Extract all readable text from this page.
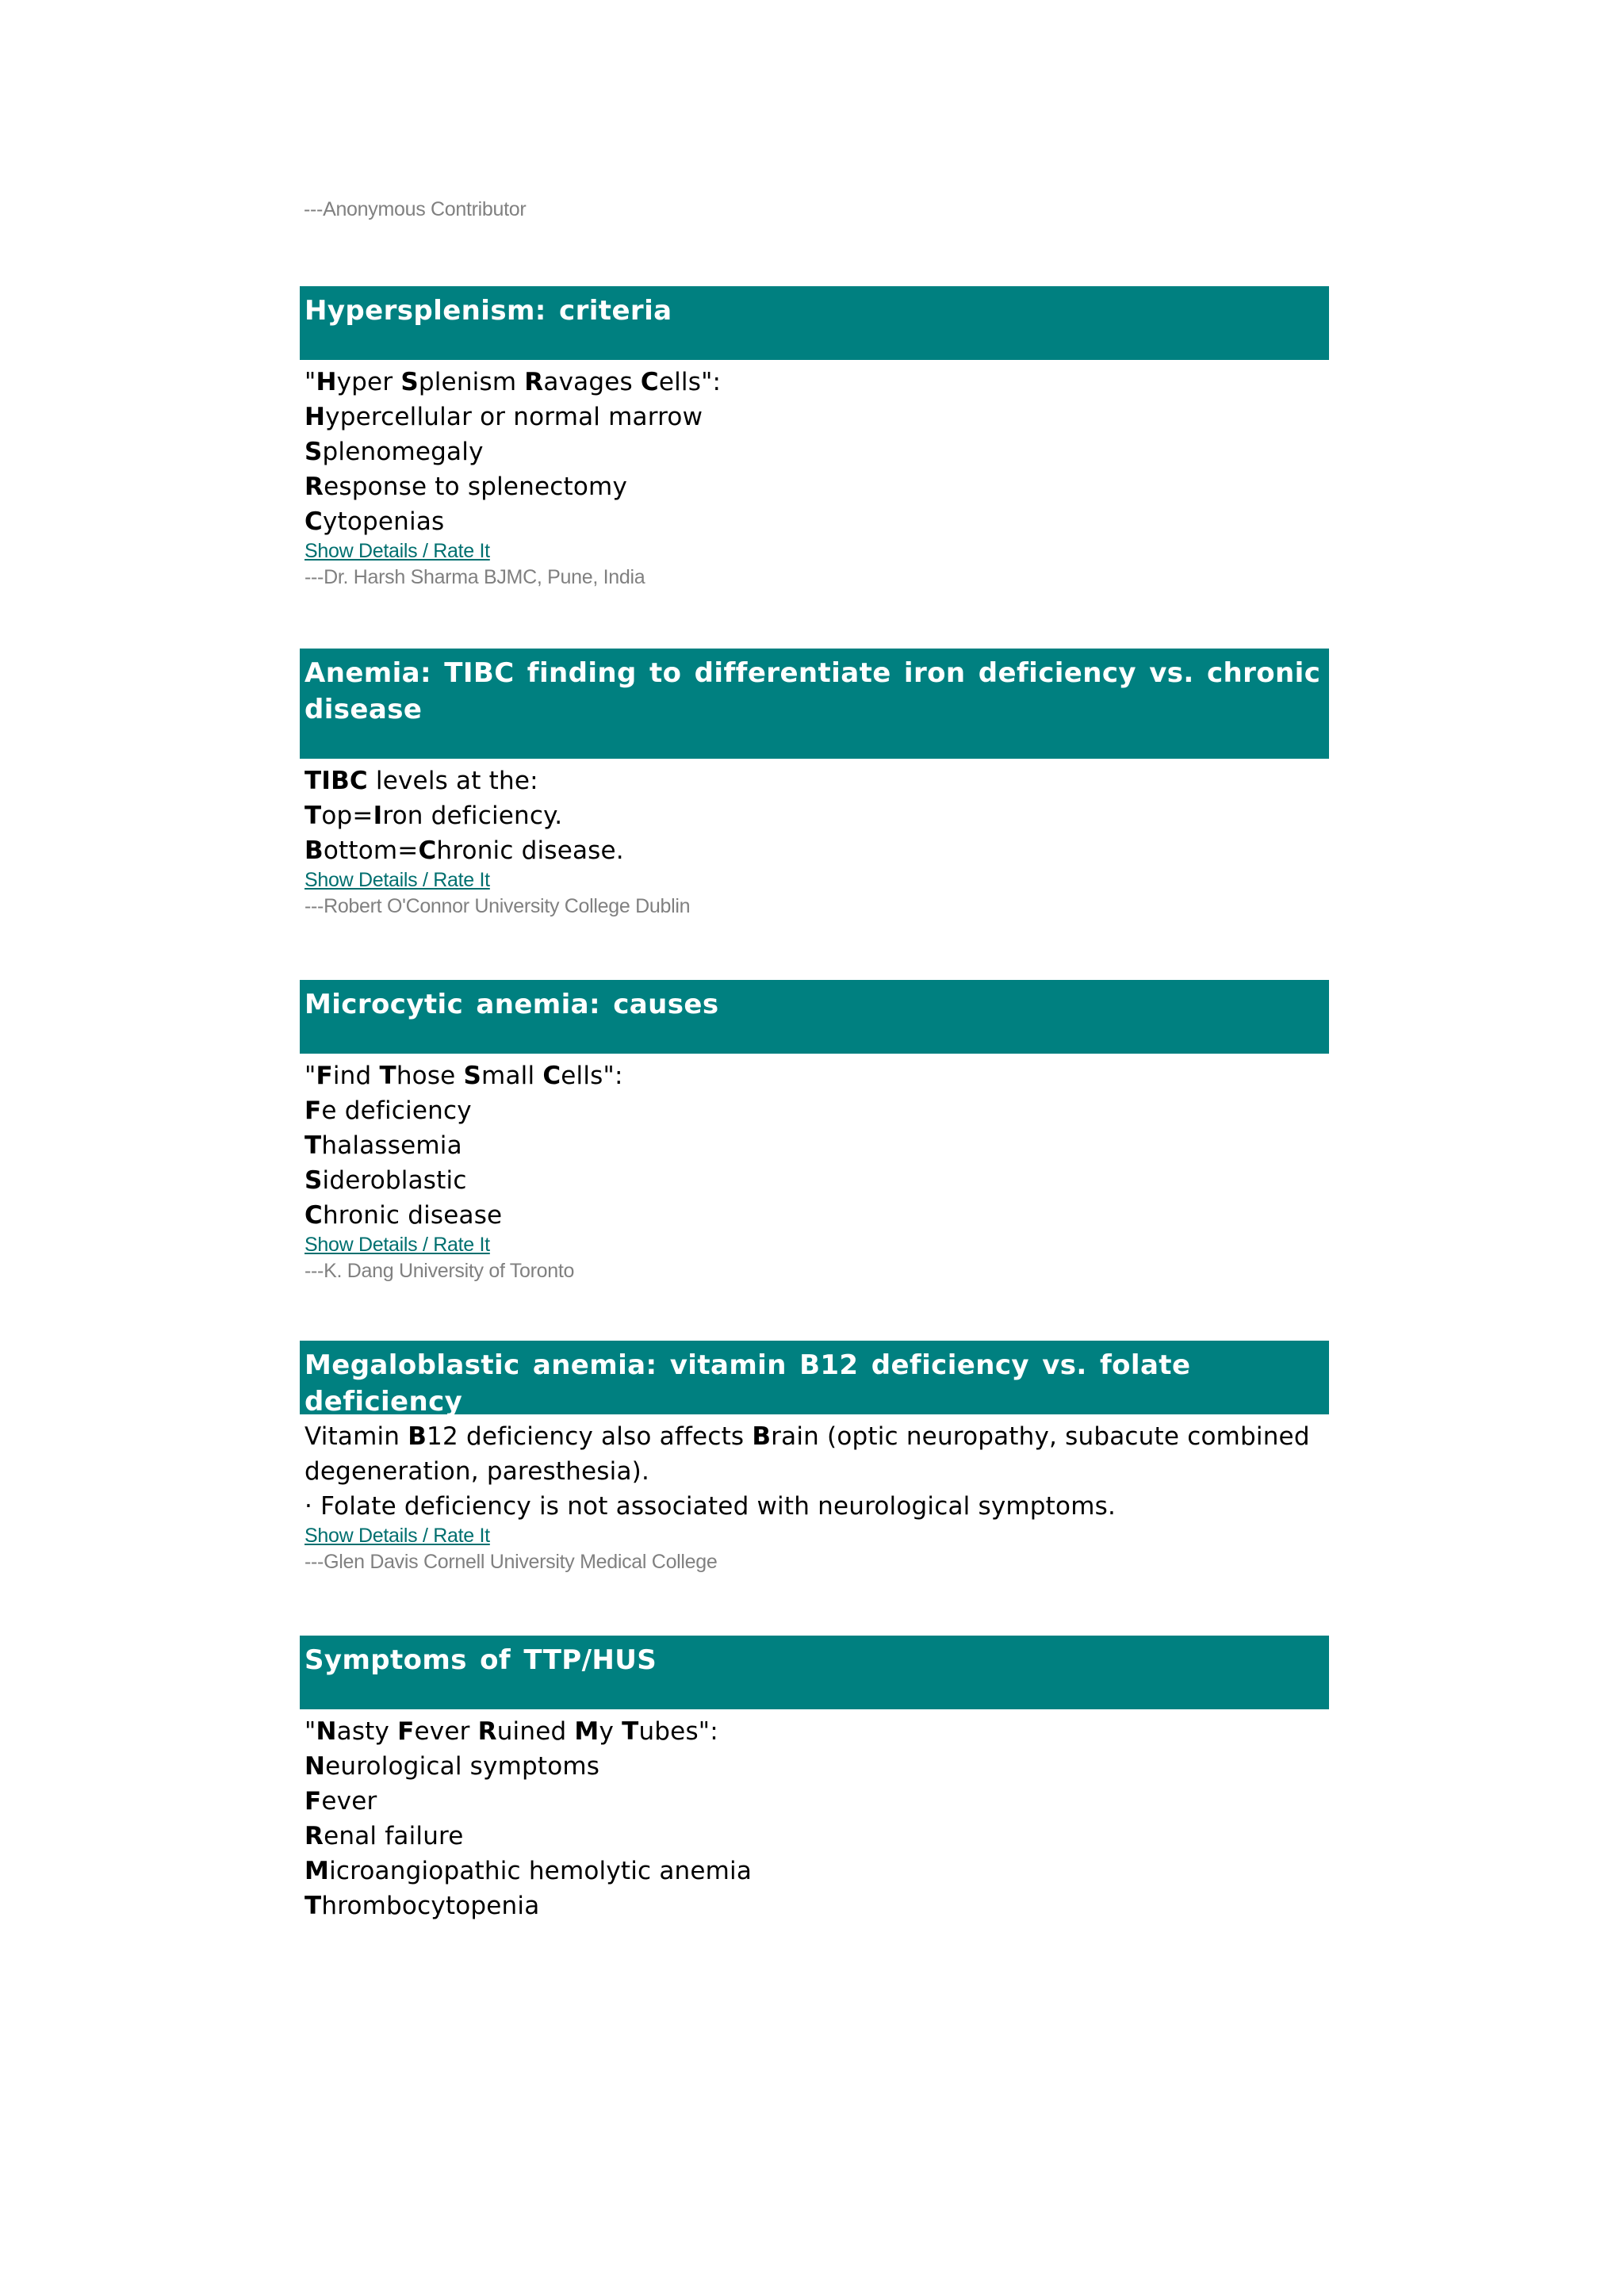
---Anonymous Contributor
Hypersplenism: criteria
"Hyper Splenism Ravages Cells":
Hypercellular or normal marrow
Splenomegaly
Response to splenectomy
Cytopenias
Show Details / Rate It
---Dr. Harsh Sharma BJMC, Pune, India
Anemia: TIBC finding to differentiate iron deficiency vs. chronic disease
TIBC levels at the:
Top=Iron deficiency.
Bottom=Chronic disease.
Show Details / Rate It
---Robert O'Connor University College Dublin
Microcytic anemia: causes
"Find Those Small Cells":
Fe deficiency
Thalassemia
Sideroblastic
Chronic disease
Show Details / Rate It
---K. Dang University of Toronto
Megaloblastic anemia: vitamin B12 deficiency vs. folate deficiency
Vitamin B12 deficiency also affects Brain (optic neuropathy, subacute combined
degeneration, paresthesia).
· Folate deficiency is not associated with neurological symptoms.
Show Details / Rate It
---Glen Davis Cornell University Medical College
Symptoms of TTP/HUS
"Nasty Fever Ruined My Tubes":
Neurological symptoms
Fever
Renal failure
Microangiopathic hemolytic anemia
Thrombocytopenia
